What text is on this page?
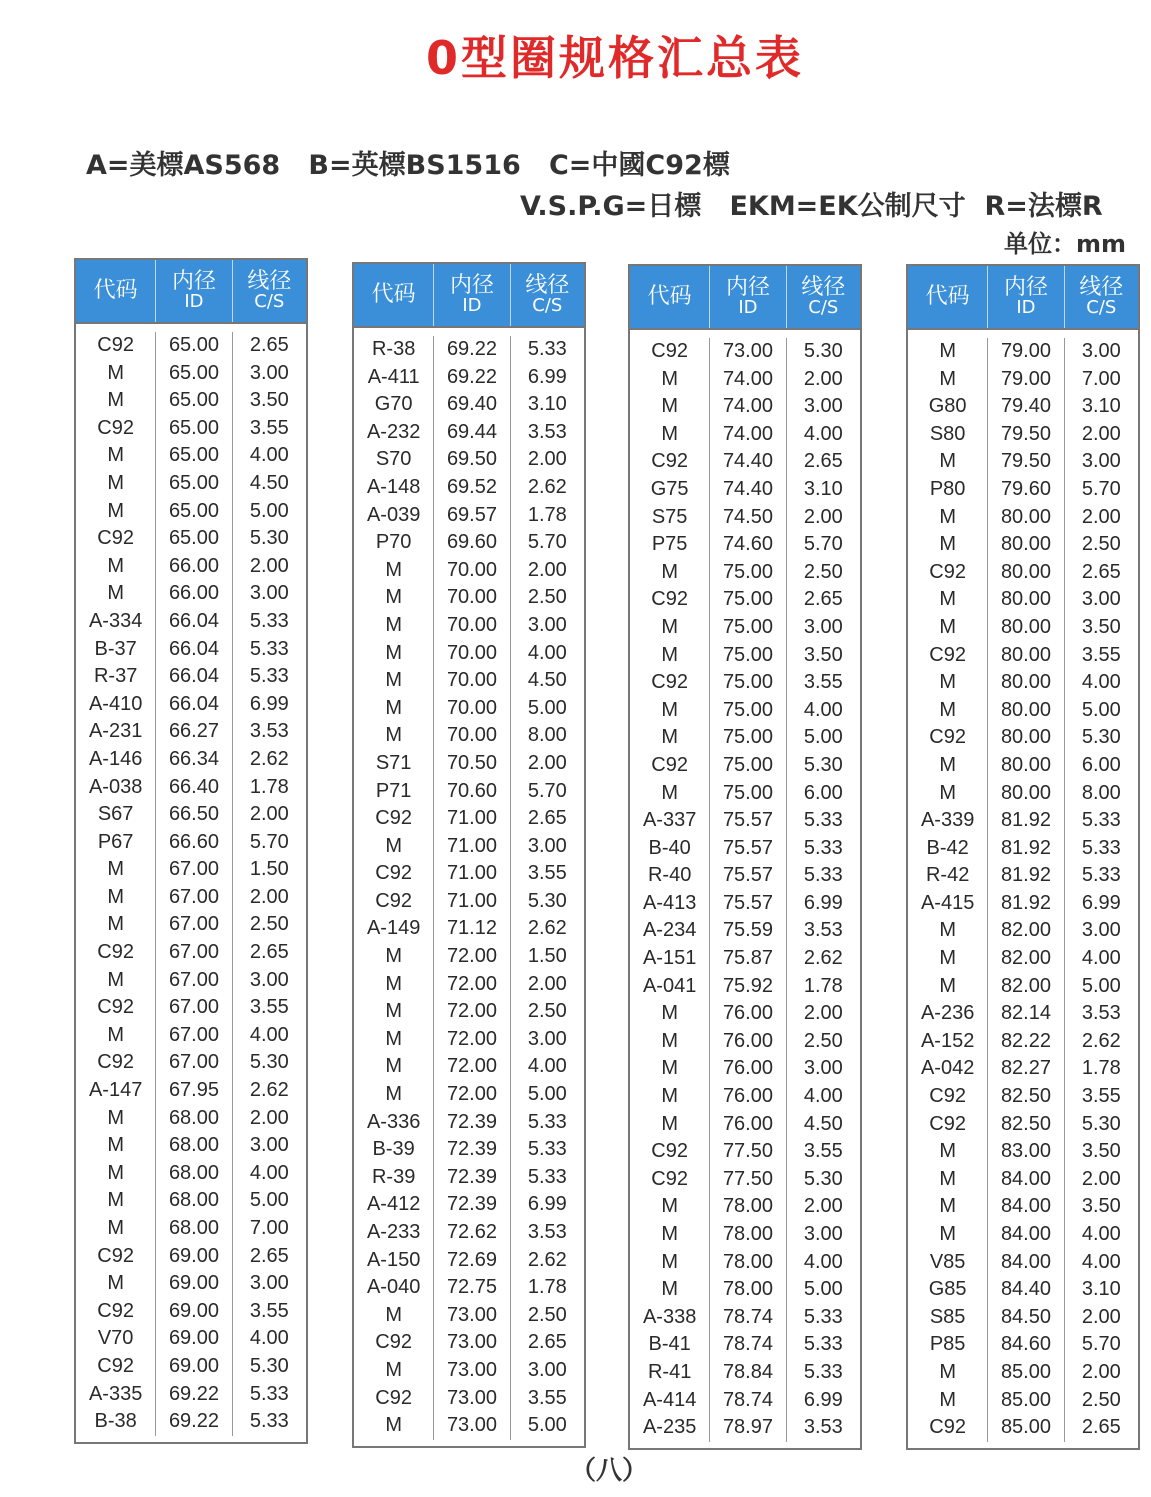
0型圈规格汇总表
A=美標AS568   B=英標BS1516   C=中國C92標
V.S.P.G=日標   EKM=EK公制尺寸  R=法標R
单位：mm
代码 内径
ID
线径
C/S
C92
M
M
C92
M
M
M
C92
M
M
A-334
B-37
R-37
A-410
A-231
A-146
A-038
S67
P67
M
M
M
C92
M
C92
M
C92
A-147
M
M
M
M
M
C92
M
C92
V70
C92
A-335
B-38
65.00
65.00
65.00
65.00
65.00
65.00
65.00
65.00
66.00
66.00
66.04
66.04
66.04
66.04
66.27
66.34
66.40
66.50
66.60
67.00
67.00
67.00
67.00
67.00
67.00
67.00
67.00
67.95
68.00
68.00
68.00
68.00
68.00
69.00
69.00
69.00
69.00
69.00
69.22
69.22
2.65
3.00
3.50
3.55
4.00
4.50
5.00
5.30
2.00
3.00
5.33
5.33
5.33
6.99
3.53
2.62
1.78
2.00
5.70
1.50
2.00
2.50
2.65
3.00
3.55
4.00
5.30
2.62
2.00
3.00
4.00
5.00
7.00
2.65
3.00
3.55
4.00
5.30
5.33
5.33
代码 内径
ID
线径
C/S
R-38
A-411
G70
A-232
S70
A-148
A-039
P70
M
M
M
M
M
M
M
S71
P71
C92
M
C92
C92
A-149
M
M
M
M
M
M
A-336
B-39
R-39
A-412
A-233
A-150
A-040
M
C92
M
C92
M
69.22
69.22
69.40
69.44
69.50
69.52
69.57
69.60
70.00
70.00
70.00
70.00
70.00
70.00
70.00
70.50
70.60
71.00
71.00
71.00
71.00
71.12
72.00
72.00
72.00
72.00
72.00
72.00
72.39
72.39
72.39
72.39
72.62
72.69
72.75
73.00
73.00
73.00
73.00
73.00
5.33
6.99
3.10
3.53
2.00
2.62
1.78
5.70
2.00
2.50
3.00
4.00
4.50
5.00
8.00
2.00
5.70
2.65
3.00
3.55
5.30
2.62
1.50
2.00
2.50
3.00
4.00
5.00
5.33
5.33
5.33
6.99
3.53
2.62
1.78
2.50
2.65
3.00
3.55
5.00
代码 内径
ID
线径
C/S
C92
M
M
M
C92
G75
S75
P75
M
C92
M
M
C92
M
M
C92
M
A-337
B-40
R-40
A-413
A-234
A-151
A-041
M
M
M
M
M
C92
C92
M
M
M
M
A-338
B-41
R-41
A-414
A-235
73.00
74.00
74.00
74.00
74.40
74.40
74.50
74.60
75.00
75.00
75.00
75.00
75.00
75.00
75.00
75.00
75.00
75.57
75.57
75.57
75.57
75.59
75.87
75.92
76.00
76.00
76.00
76.00
76.00
77.50
77.50
78.00
78.00
78.00
78.00
78.74
78.74
78.84
78.74
78.97
5.30
2.00
3.00
4.00
2.65
3.10
2.00
5.70
2.50
2.65
3.00
3.50
3.55
4.00
5.00
5.30
6.00
5.33
5.33
5.33
6.99
3.53
2.62
1.78
2.00
2.50
3.00
4.00
4.50
3.55
5.30
2.00
3.00
4.00
5.00
5.33
5.33
5.33
6.99
3.53
代码 内径
ID
线径
C/S
M
M
G80
S80
M
P80
M
M
C92
M
M
C92
M
M
C92
M
M
A-339
B-42
R-42
A-415
M
M
M
A-236
A-152
A-042
C92
C92
M
M
M
M
V85
G85
S85
P85
M
M
C92
79.00
79.00
79.40
79.50
79.50
79.60
80.00
80.00
80.00
80.00
80.00
80.00
80.00
80.00
80.00
80.00
80.00
81.92
81.92
81.92
81.92
82.00
82.00
82.00
82.14
82.22
82.27
82.50
82.50
83.00
84.00
84.00
84.00
84.00
84.40
84.50
84.60
85.00
85.00
85.00
3.00
7.00
3.10
2.00
3.00
5.70
2.00
2.50
2.65
3.00
3.50
3.55
4.00
5.00
5.30
6.00
8.00
5.33
5.33
5.33
6.99
3.00
4.00
5.00
3.53
2.62
1.78
3.55
5.30
3.50
2.00
3.50
4.00
4.00
3.10
2.00
5.70
2.00
2.50
2.65
（八）
